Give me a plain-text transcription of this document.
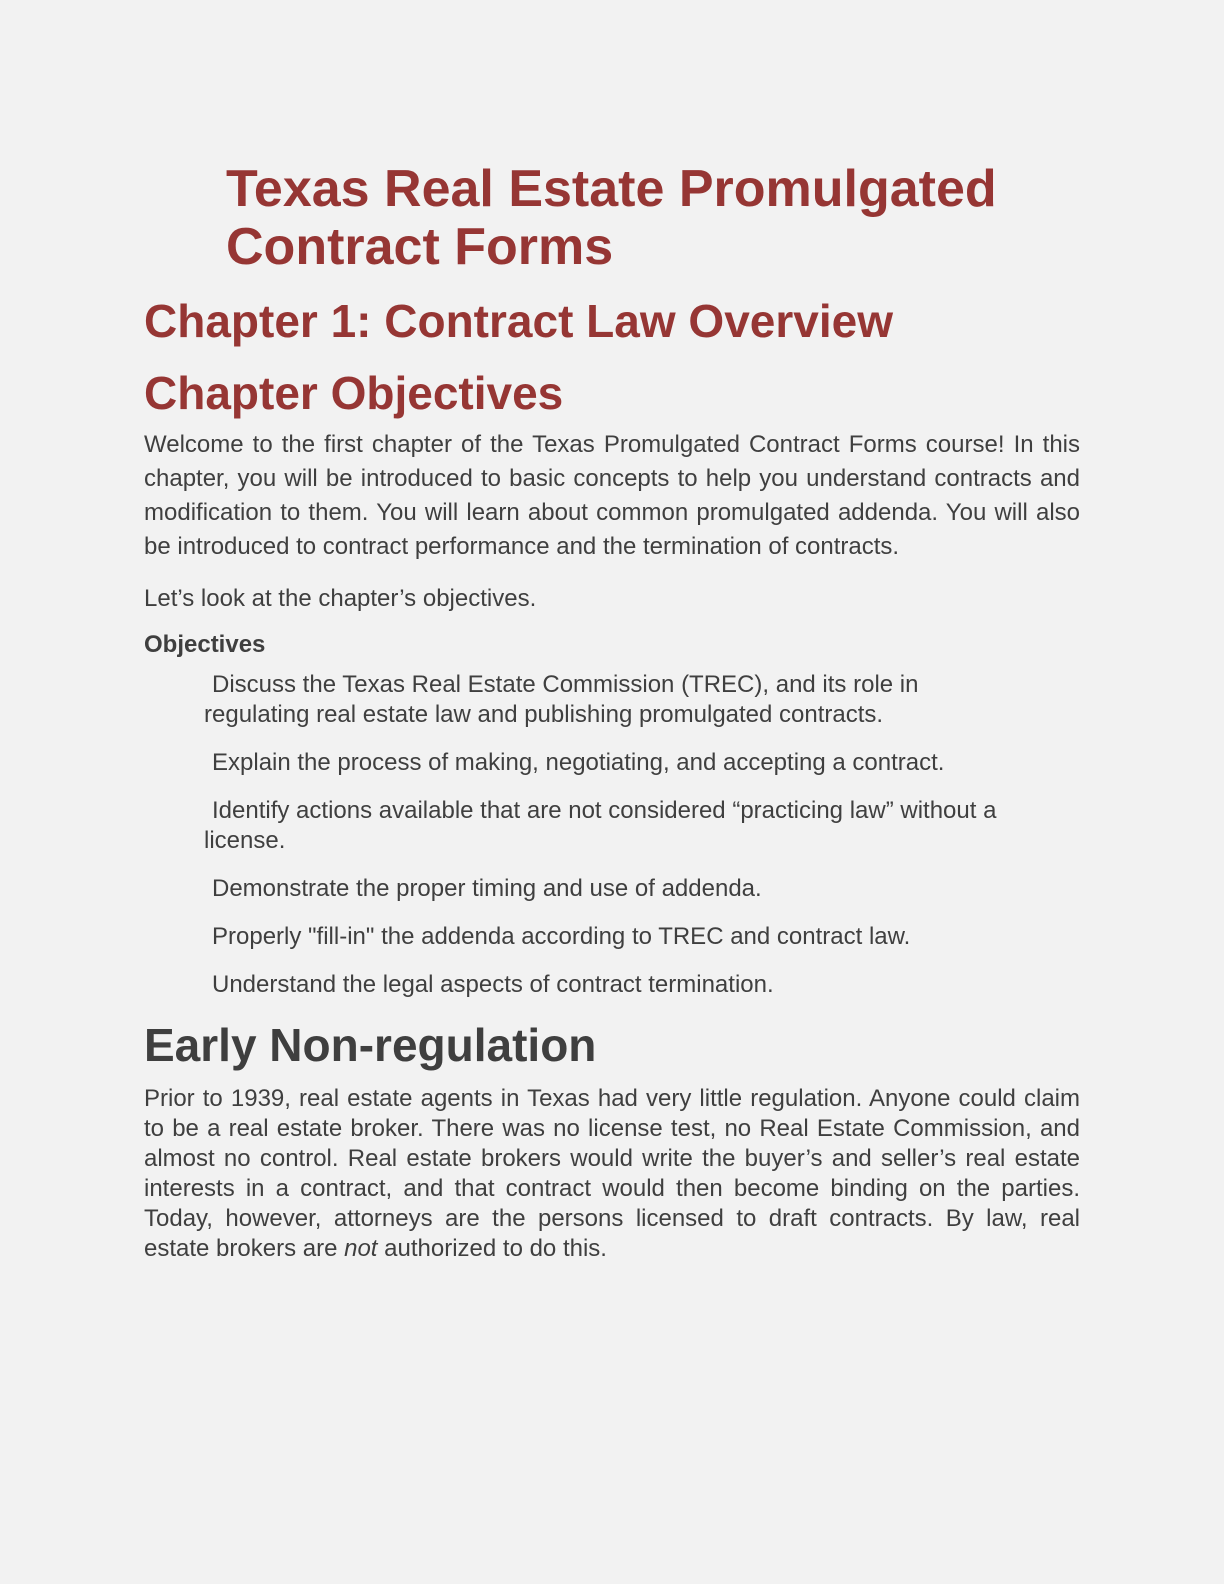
Texas Real Estate Promulgated
Contract Forms
Chapter 1: Contract Law Overview
Chapter Objectives

Welcome to the first chapter of the Texas Promulgated Contract Forms course! In this chapter, you will be introduced to basic concepts to help you understand contracts and modification to them. You will learn about common promulgated addenda. You will also be introduced to contract performance and the termination of contracts.

Let’s look at the chapter’s objectives.

Objectives
Discuss the Texas Real Estate Commission (TREC), and its role in regulating real estate law and publishing promulgated contracts.
Explain the process of making, negotiating, and accepting a contract.
Identify actions available that are not considered “practicing law” without a license.
Demonstrate the proper timing and use of addenda.
Properly "fill-in" the addenda according to TREC and contract law.
Understand the legal aspects of contract termination.
Early Non-regulation

Prior to 1939, real estate agents in Texas had very little regulation. Anyone could claim to be a real estate broker. There was no license test, no Real Estate Commission, and almost no control. Real estate brokers would write the buyer’s and seller’s real estate interests in a contract, and that contract would then become binding on the parties. Today, however, attorneys are the persons licensed to draft contracts. By law, real estate brokers are not authorized to do this.
